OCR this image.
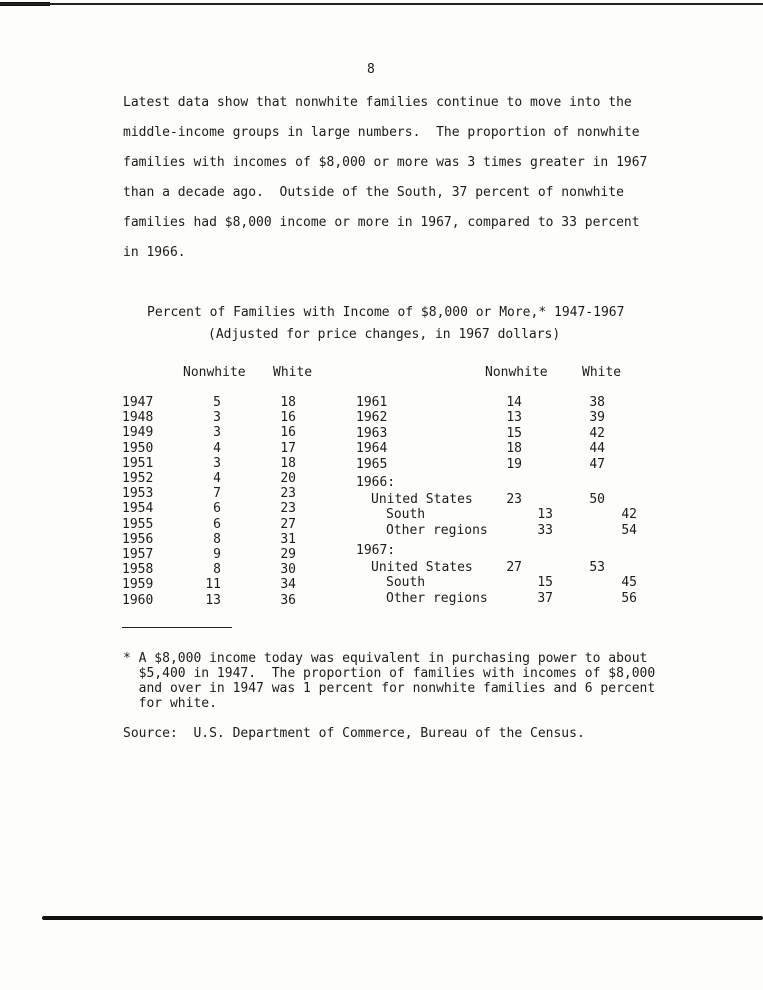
8
Latest data show that nonwhite families continue to move into the
middle-income groups in large numbers.  The proportion of nonwhite
families with incomes of $8,000 or more was 3 times greater in 1967
than a decade ago.  Outside of the South, 37 percent of nonwhite
families had $8,000 income or more in 1967, compared to 33 percent
in 1966.
Percent of Families with Income of $8,000 or More,* 1947-1967
(Adjusted for price changes, in 1967 dollars)
Nonwhite White	Nonwhite	White
1947	5	18
1948	3	16
1949	3	16
1950	4	17
1951	3	18
1952	4	20
1953	7	23
1954	6	23
1955	6	27
1956	8	31
1957	9	29
1958	8	30
1959	11	34
1960	13	36
1961	14	38
1962	13	39
1963	15	42
1964	18	44
1965	19	47
1966:
United States	23	50
South	13	42
Other regions	33	54
1967:
United States	27	53
South	15	45
Other regions	37	56
* A $8,000 income today was equivalent in purchasing power to about
$5,400 in 1947.  The proportion of families with incomes of $8,000
and over in 1947 was 1 percent for nonwhite families and 6 percent
for white.
Source:  U.S. Department of Commerce, Bureau of the Census.
